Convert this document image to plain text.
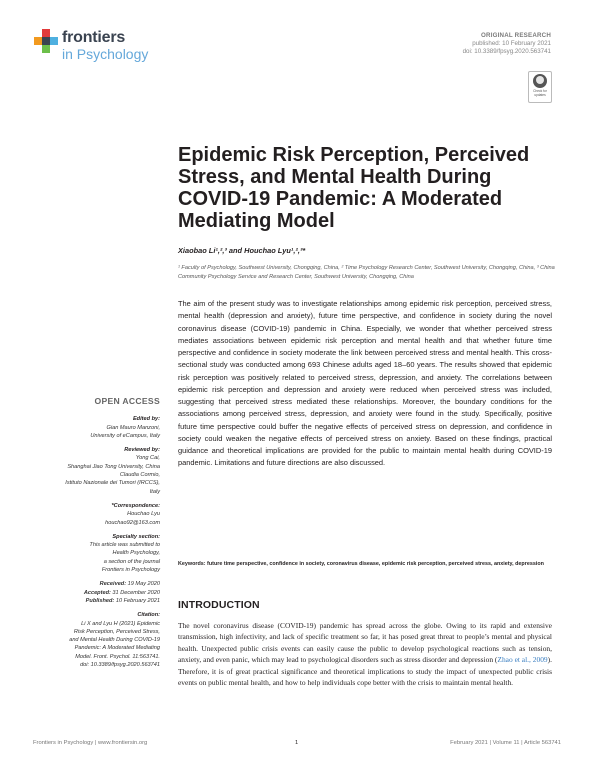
frontiers
in Psychology
ORIGINAL RESEARCH
published: 10 February 2021
doi: 10.3389/fpsyg.2020.563741
Check for updates
Epidemic Risk Perception, Perceived Stress, and Mental Health During COVID-19 Pandemic: A Moderated Mediating Model
Xiaobao Li¹,²,³ and Houchao Lyu¹,²,³*
¹ Faculty of Psychology, Southwest University, Chongqing, China, ² Time Psychology Research Center, Southwest University, Chongqing, China, ³ China Community Psychology Service and Research Center, Southwest University, Chongqing, China

The aim of the present study was to investigate relationships among epidemic risk perception, perceived stress, mental health (depression and anxiety), future time perspective, and confidence in society during the novel coronavirus disease (COVID-19) pandemic in China. Especially, we wonder that whether perceived stress mediates associations between epidemic risk perception and mental health and that whether future time perspective and confidence in society moderate the link between perceived stress and mental health. This cross-sectional study was conducted among 693 Chinese adults aged 18–60 years. The results showed that epidemic risk perception was positively related to perceived stress, depression, and anxiety. The correlations between epidemic risk perception and depression and anxiety were reduced when perceived stress was included, suggesting that perceived stress mediated these relationships. Moreover, the boundary conditions for the associations among perceived stress, depression, and anxiety were found in the study. Specifically, positive future time perspective could buffer the negative effects of perceived stress on depression, and confidence in society could weaken the negative effects of perceived stress on anxiety. Based on these findings, practical guidance and theoretical implications are provided for the public to maintain mental health during COVID-19 pandemic. Limitations and future directions are also discussed.

Keywords: future time perspective, confidence in society, coronavirus disease, epidemic risk perception, perceived stress, anxiety, depression
INTRODUCTION

The novel coronavirus disease (COVID-19) pandemic has spread across the globe. Owing to its rapid and extensive transmission, high infectivity, and lack of specific treatment so far, it has posed great threat to people’s mental and physical health. Unexpected public crisis events can easily cause the public to develop psychological reactions such as tension, anxiety, and even panic, which may lead to psychological disorders such as stress disorder and depression (Zhao et al., 2009). Therefore, it is of great practical significance and theoretical implications to study the impact of unexpected public crisis events on public mental health, and how to help individuals cope better with the crisis to maintain mental health.

OPEN ACCESS
Edited by:
Gian Mauro Manzoni,
University of eCampus, Italy
Reviewed by:
Yong Cai,
Shanghai Jiao Tong University, China
Claudia Cormio,
Istituto Nazionale dei Tumori (IRCCS),
Italy
*Correspondence:
Houchao Lyu
houchao92@163.com
Specialty section:
This article was submitted to
Health Psychology,
a section of the journal
Frontiers in Psychology
Received: 19 May 2020
Accepted: 31 December 2020
Published: 10 February 2021
Citation:
Li X and Lyu H (2021) Epidemic
Risk Perception, Perceived Stress,
and Mental Health During COVID-19
Pandemic: A Moderated Mediating
Model. Front. Psychol. 11:563741.
doi: 10.3389/fpsyg.2020.563741
Frontiers in Psychology | www.frontiersin.org	1	February 2021 | Volume 11 | Article 563741
